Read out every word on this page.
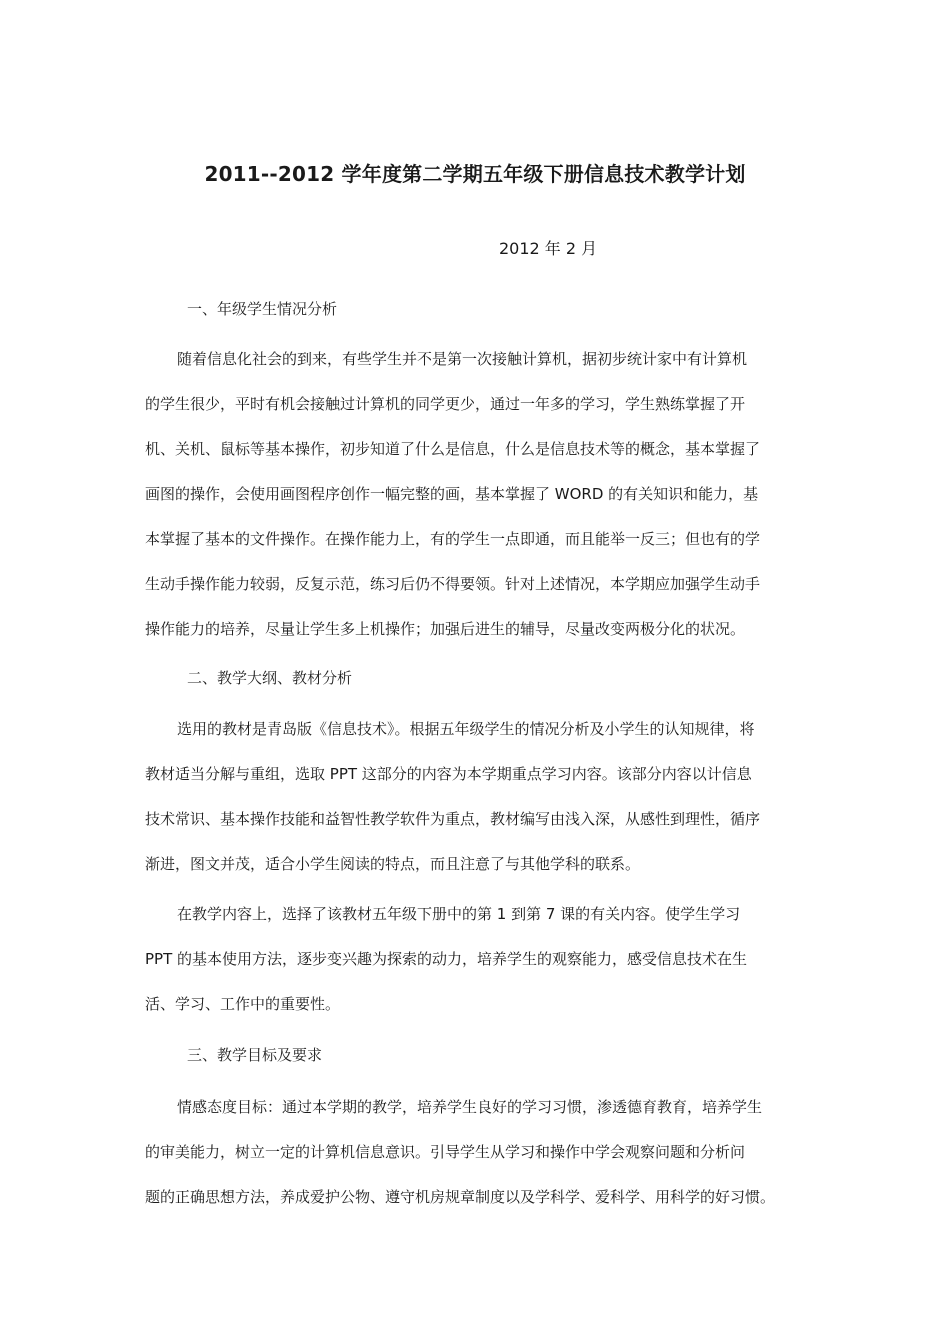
2011--2012 学年度第二学期五年级下册信息技术教学计划
2012 年 2 月
一、年级学生情况分析
随着信息化社会的到来，有些学生并不是第一次接触计算机，据初步统计家中有计算机
的学生很少，平时有机会接触过计算机的同学更少，通过一年多的学习，学生熟练掌握了开
机、关机、鼠标等基本操作，初步知道了什么是信息，什么是信息技术等的概念，基本掌握了
画图的操作，会使用画图程序创作一幅完整的画，基本掌握了 WORD 的有关知识和能力，基
本掌握了基本的文件操作。在操作能力上，有的学生一点即通，而且能举一反三；但也有的学
生动手操作能力较弱，反复示范，练习后仍不得要领。针对上述情况，本学期应加强学生动手
操作能力的培养，尽量让学生多上机操作；加强后进生的辅导，尽量改变两极分化的状况。
二、教学大纲、教材分析
选用的教材是青岛版《信息技术》。根据五年级学生的情况分析及小学生的认知规律，将
教材适当分解与重组，选取 PPT 这部分的内容为本学期重点学习内容。该部分内容以计信息
技术常识、基本操作技能和益智性教学软件为重点，教材编写由浅入深，从感性到理性，循序
渐进，图文并茂，适合小学生阅读的特点，而且注意了与其他学科的联系。
在教学内容上，选择了该教材五年级下册中的第 1 到第 7 课的有关内容。使学生学习
PPT 的基本使用方法，逐步变兴趣为探索的动力，培养学生的观察能力，感受信息技术在生
活、学习、工作中的重要性。
三、教学目标及要求
情感态度目标：通过本学期的教学，培养学生良好的学习习惯，渗透德育教育，培养学生
的审美能力，树立一定的计算机信息意识。引导学生从学习和操作中学会观察问题和分析问
题的正确思想方法，养成爱护公物、遵守机房规章制度以及学科学、爱科学、用科学的好习惯。
